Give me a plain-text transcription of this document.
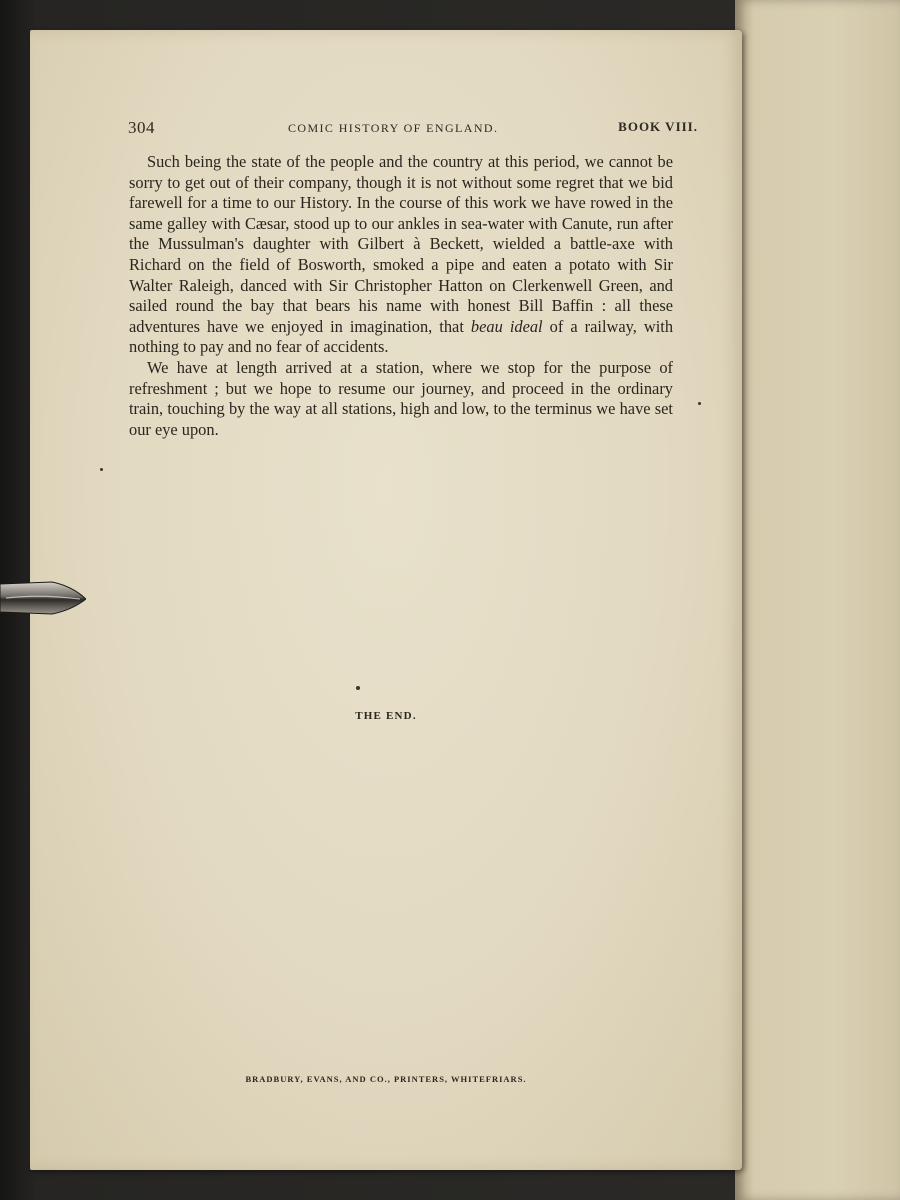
304	COMIC HISTORY OF ENGLAND.	BOOK VIII.

Such being the state of the people and the country at this period, we cannot be sorry to get out of their company, though it is not without some regret that we bid farewell for a time to our History. In the course of this work we have rowed in the same galley with Cæsar, stood up to our ankles in sea-water with Canute, run after the Mussulman's daughter with Gilbert à Beckett, wielded a battle-axe with Richard on the field of Bosworth, smoked a pipe and eaten a potato with Sir Walter Raleigh, danced with Sir Christopher Hatton on Clerkenwell Green, and sailed round the bay that bears his name with honest Bill Baffin : all these adventures have we enjoyed in imagination, that beau ideal of a railway, with nothing to pay and no fear of accidents.

We have at length arrived at a station, where we stop for the purpose of refreshment ; but we hope to resume our journey, and proceed in the ordinary train, touching by the way at all stations, high and low, to the terminus we have set our eye upon.

THE END.
BRADBURY, EVANS, AND CO., PRINTERS, WHITEFRIARS.
